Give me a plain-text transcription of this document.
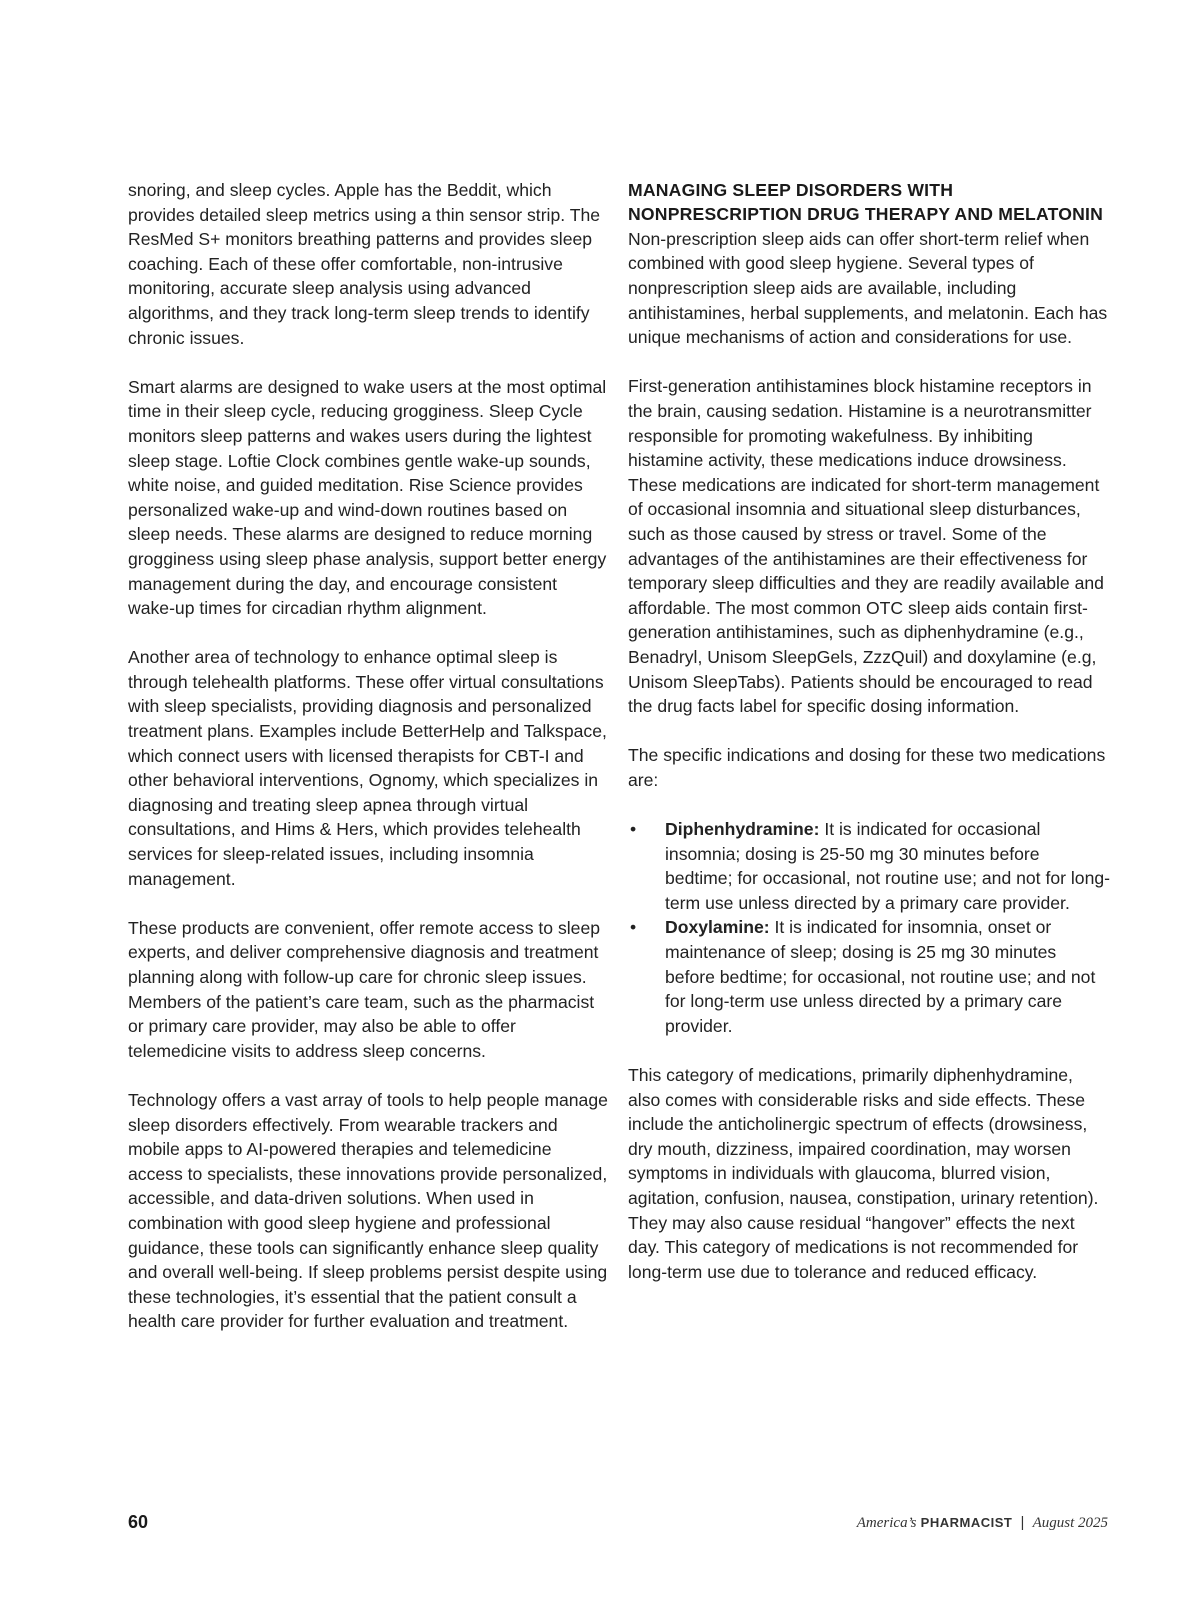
snoring, and sleep cycles. Apple has the Beddit, which provides detailed sleep metrics using a thin sensor strip. The ResMed S+ monitors breathing patterns and provides sleep coaching. Each of these offer comfortable, non-intrusive monitoring, accurate sleep analysis using advanced algorithms, and they track long-term sleep trends to identify chronic issues.

Smart alarms are designed to wake users at the most optimal time in their sleep cycle, reducing grogginess. Sleep Cycle monitors sleep patterns and wakes users during the lightest sleep stage. Loftie Clock combines gentle wake-up sounds, white noise, and guided meditation. Rise Science provides personalized wake-up and wind-down routines based on sleep needs. These alarms are designed to reduce morning grogginess using sleep phase analysis, support better energy management during the day, and encourage consistent wake-up times for circadian rhythm alignment.

Another area of technology to enhance optimal sleep is through telehealth platforms. These offer virtual consultations with sleep specialists, providing diagnosis and personalized treatment plans. Examples include BetterHelp and Talkspace, which connect users with licensed therapists for CBT-I and other behavioral interventions, Ognomy, which specializes in diagnosing and treating sleep apnea through virtual consultations, and Hims & Hers, which provides telehealth services for sleep-related issues, including insomnia management.

These products are convenient, offer remote access to sleep experts, and deliver comprehensive diagnosis and treatment planning along with follow-up care for chronic sleep issues. Members of the patient’s care team, such as the pharmacist or primary care provider, may also be able to offer telemedicine visits to address sleep concerns.

Technology offers a vast array of tools to help people manage sleep disorders effectively. From wearable trackers and mobile apps to AI-powered therapies and telemedicine access to specialists, these innovations provide personalized, accessible, and data-driven solutions. When used in combination with good sleep hygiene and professional guidance, these tools can significantly enhance sleep quality and overall well-being. If sleep problems persist despite using these technologies, it’s essential that the patient consult a health care provider for further evaluation and treatment.

MANAGING SLEEP DISORDERS WITH NONPRESCRIPTION DRUG THERAPY AND MELATONIN

Non-prescription sleep aids can offer short-term relief when combined with good sleep hygiene. Several types of nonprescription sleep aids are available, including antihistamines, herbal supplements, and melatonin. Each has unique mechanisms of action and considerations for use.

First-generation antihistamines block histamine receptors in the brain, causing sedation. Histamine is a neurotransmitter responsible for promoting wakefulness. By inhibiting histamine activity, these medications induce drowsiness. These medications are indicated for short-term management of occasional insomnia and situational sleep disturbances, such as those caused by stress or travel. Some of the advantages of the antihistamines are their effectiveness for temporary sleep difficulties and they are readily available and affordable. The most common OTC sleep aids contain first-generation antihistamines, such as diphenhydramine (e.g., Benadryl, Unisom SleepGels, ZzzQuil) and doxylamine (e.g, Unisom SleepTabs). Patients should be encouraged to read the drug facts label for specific dosing information.

The specific indications and dosing for these two medications are:

• Diphenhydramine: It is indicated for occasional insomnia; dosing is 25-50 mg 30 minutes before bedtime; for occasional, not routine use; and not for long-term use unless directed by a primary care provider.
• Doxylamine: It is indicated for insomnia, onset or maintenance of sleep; dosing is 25 mg 30 minutes before bedtime; for occasional, not routine use; and not for long-term use unless directed by a primary care provider.

This category of medications, primarily diphenhydramine, also comes with considerable risks and side effects. These include the anticholinergic spectrum of effects (drowsiness, dry mouth, dizziness, impaired coordination, may worsen symptoms in individuals with glaucoma, blurred vision, agitation, confusion, nausea, constipation, urinary retention). They may also cause residual “hangover” effects the next day. This category of medications is not recommended for long-term use due to tolerance and reduced efficacy.

60	America’s PHARMACIST | August 2025
